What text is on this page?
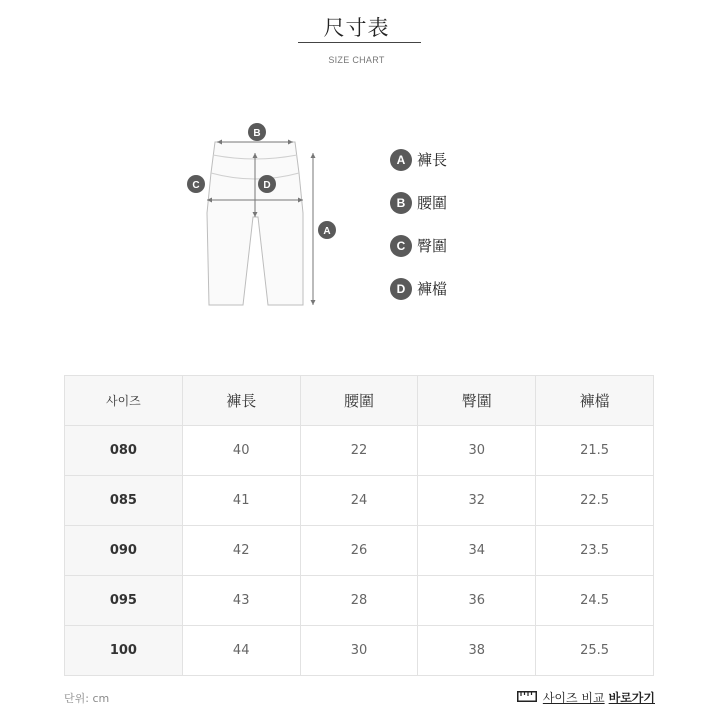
尺寸表
SIZE CHART
B
C	D
A
A 褲長
B 腰圍
C 臀圍
D 褲檔
사이즈	褲長	腰圍	臀圍	褲檔
080	40	22	30	21.5
085	41	24	32	22.5
090	42	26	34	23.5
095	43	28	36	24.5
100	44	30	38	25.5
단위: cm	사이즈 비교 바로가기
